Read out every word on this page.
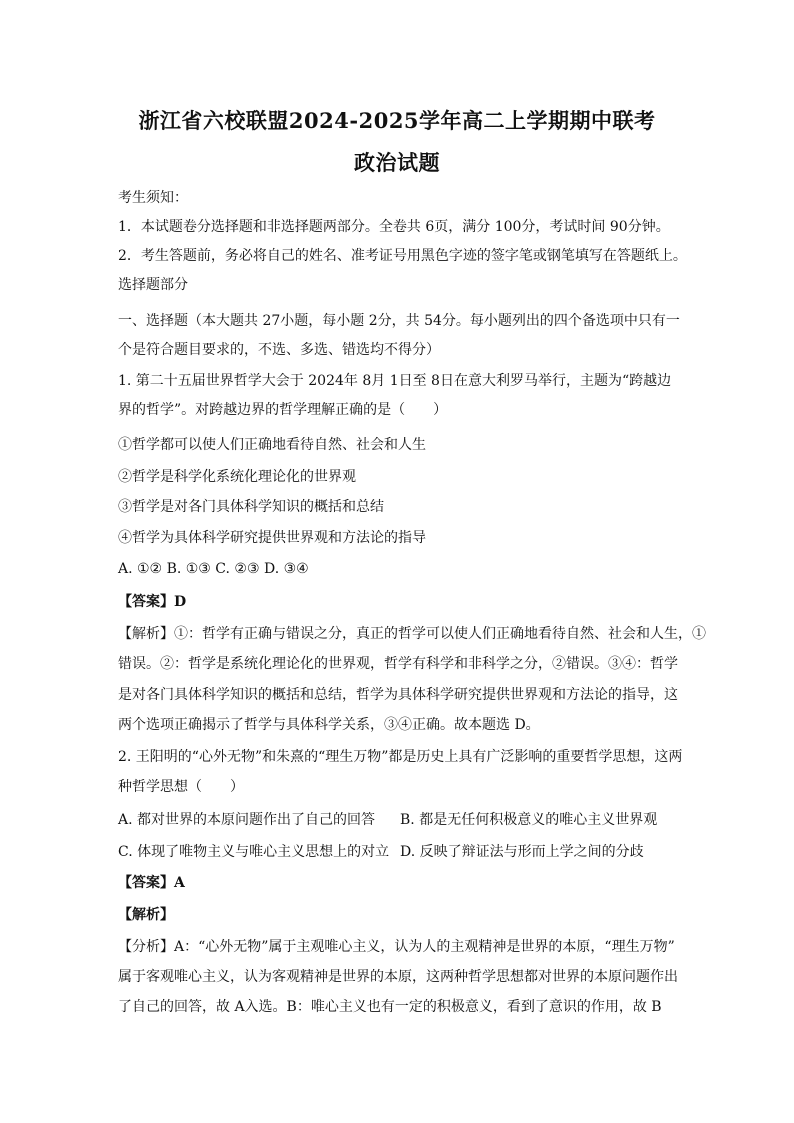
浙江省六校联盟2024-2025学年高二上学期期中联考
政治试题
考生须知：
1．本试题卷分选择题和非选择题两部分。全卷共 6页，满分 100分，考试时间 90分钟。
2．考生答题前，务必将自己的姓名、准考证号用黑色字迹的签字笔或钢笔填写在答题纸上。
选择题部分
一、选择题（本大题共 27小题，每小题 2分，共 54分。每小题列出的四个备选项中只有一
个是符合题目要求的，不选、多选、错选均不得分）
1. 第二十五届世界哲学大会于 2024年 8月 1日至 8日在意大利罗马举行，主题为“跨越边
界的哲学”。对跨越边界的哲学理解正确的是（　　）
①哲学都可以使人们正确地看待自然、社会和人生
②哲学是科学化系统化理论化的世界观
③哲学是对各门具体科学知识的概括和总结
④哲学为具体科学研究提供世界观和方法论的指导
A. ①② B. ①③ C. ②③ D. ③④
【答案】D
【解析】①：哲学有正确与错误之分，真正的哲学可以使人们正确地看待自然、社会和人生，①
错误。②：哲学是系统化理论化的世界观，哲学有科学和非科学之分，②错误。③④：哲学
是对各门具体科学知识的概括和总结，哲学为具体科学研究提供世界观和方法论的指导，这
两个选项正确揭示了哲学与具体科学关系，③④正确。故本题选 D。
2. 王阳明的“心外无物”和朱熹的“理生万物”都是历史上具有广泛影响的重要哲学思想，这两
种哲学思想（　　）
A. 都对世界的本原问题作出了自己的回答 B. 都是无任何积极意义的唯心主义世界观
C. 体现了唯物主义与唯心主义思想上的对立 D. 反映了辩证法与形而上学之间的分歧
【答案】A
【解析】
【分析】A：“心外无物”属于主观唯心主义，认为人的主观精神是世界的本原，“理生万物”
属于客观唯心主义，认为客观精神是世界的本原，这两种哲学思想都对世界的本原问题作出
了自己的回答，故 A入选。B：唯心主义也有一定的积极意义，看到了意识的作用，故 B
